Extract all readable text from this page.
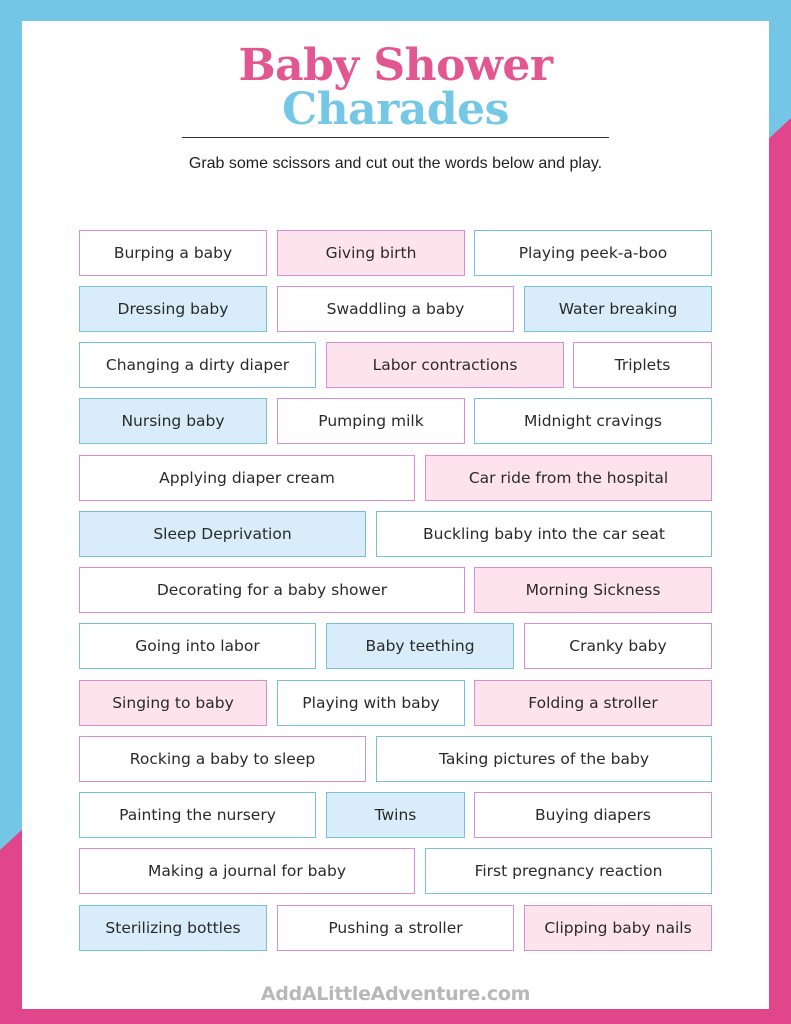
Baby Shower
Charades
Grab some scissors and cut out the words below and play.
Burping a baby	Giving birth	Playing peek-a-boo
Dressing baby	Swaddling a baby	Water breaking
Changing a dirty diaper	Labor contractions	Triplets
Nursing baby	Pumping milk	Midnight cravings
Applying diaper cream	Car ride from the hospital
Sleep Deprivation	Buckling baby into the car seat
Decorating for a baby shower	Morning Sickness
Going into labor	Baby teething	Cranky baby
Singing to baby	Playing with baby	Folding a stroller
Rocking a baby to sleep	Taking pictures of the baby
Painting the nursery	Twins	Buying diapers
Making a journal for baby	First pregnancy reaction
Sterilizing bottles	Pushing a stroller	Clipping baby nails
AddALittleAdventure.com
